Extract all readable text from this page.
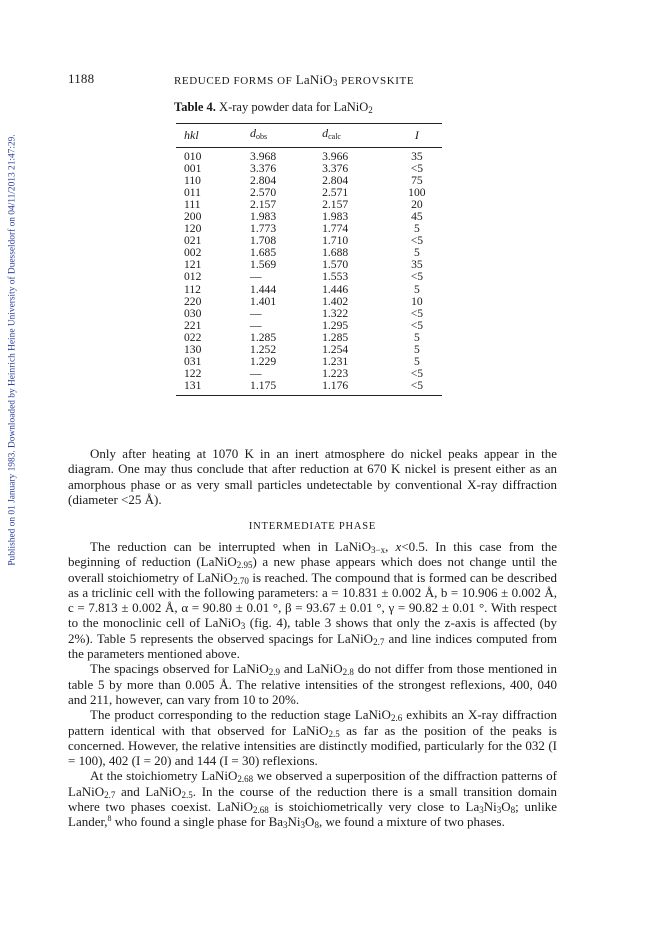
Published on 01 January 1983. Downloaded by Heinrich Heine University of Duesseldorf on 04/11/2013 21:47:29.
1188	REDUCED FORMS OF LaNiO$_3$ PEROVSKITE
Table 4. X-ray powder data for LaNiO$_2$
hkl	$d_{obs}$	$d_{calc}$	I
010	3.968	3.966	35
001	3.376	3.376	<5
110	2.804	2.804	75
011	2.570	2.571	100
111	2.157	2.157	20
200	1.983	1.983	45
120	1.773	1.774	5
021	1.708	1.710	<5
002	1.685	1.688	5
121	1.569	1.570	35
012	—	1.553	<5
112	1.444	1.446	5
220	1.401	1.402	10
030	—	1.322	<5
221	—	1.295	<5
022	1.285	1.285	5
130	1.252	1.254	5
031	1.229	1.231	5
122	—	1.223	<5
131	1.175	1.176	<5

Only after heating at 1070 K in an inert atmosphere do nickel peaks appear in the diagram. One may thus conclude that after reduction at 670 K nickel is present either as an amorphous phase or as very small particles undetectable by conventional X-ray diffraction (diameter <25 Å).

INTERMEDIATE PHASE

The reduction can be interrupted when in LaNiO$_{3-x}$, x<0.5. In this case from the beginning of reduction (LaNiO$_{2.95}$) a new phase appears which does not change until the overall stoichiometry of LaNiO$_{2.70}$ is reached. The compound that is formed can be described as a triclinic cell with the following parameters: a = 10.831 ± 0.002 Å, b = 10.906 ± 0.002 Å, c = 7.813 ± 0.002 Å, α = 90.80 ± 0.01 °, β = 93.67 ± 0.01 °, γ = 90.82 ± 0.01 °. With respect to the monoclinic cell of LaNiO$_3$ (fig. 4), table 3 shows that only the z-axis is affected (by 2%). Table 5 represents the observed spacings for LaNiO$_{2.7}$ and line indices computed from the parameters mentioned above.

The spacings observed for LaNiO$_{2.9}$ and LaNiO$_{2.8}$ do not differ from those mentioned in table 5 by more than 0.005 Å. The relative intensities of the strongest reflexions, 400, 040 and 211, however, can vary from 10 to 20%.

The product corresponding to the reduction stage LaNiO$_{2.6}$ exhibits an X-ray diffraction pattern identical with that observed for LaNiO$_{2.5}$ as far as the position of the peaks is concerned. However, the relative intensities are distinctly modified, particularly for the 032 (I = 100), 402 (I = 20) and 144 (I = 30) reflexions.

At the stoichiometry LaNiO$_{2.68}$ we observed a superposition of the diffraction patterns of LaNiO$_{2.7}$ and LaNiO$_{2.5}$. In the course of the reduction there is a small transition domain where two phases coexist. LaNiO$_{2.68}$ is stoichiometrically very close to $La_3Ni_3O_8$; unlike Lander,$^8$ who found a single phase for $Ba_3Ni_3O_8$, we found a mixture of two phases.
